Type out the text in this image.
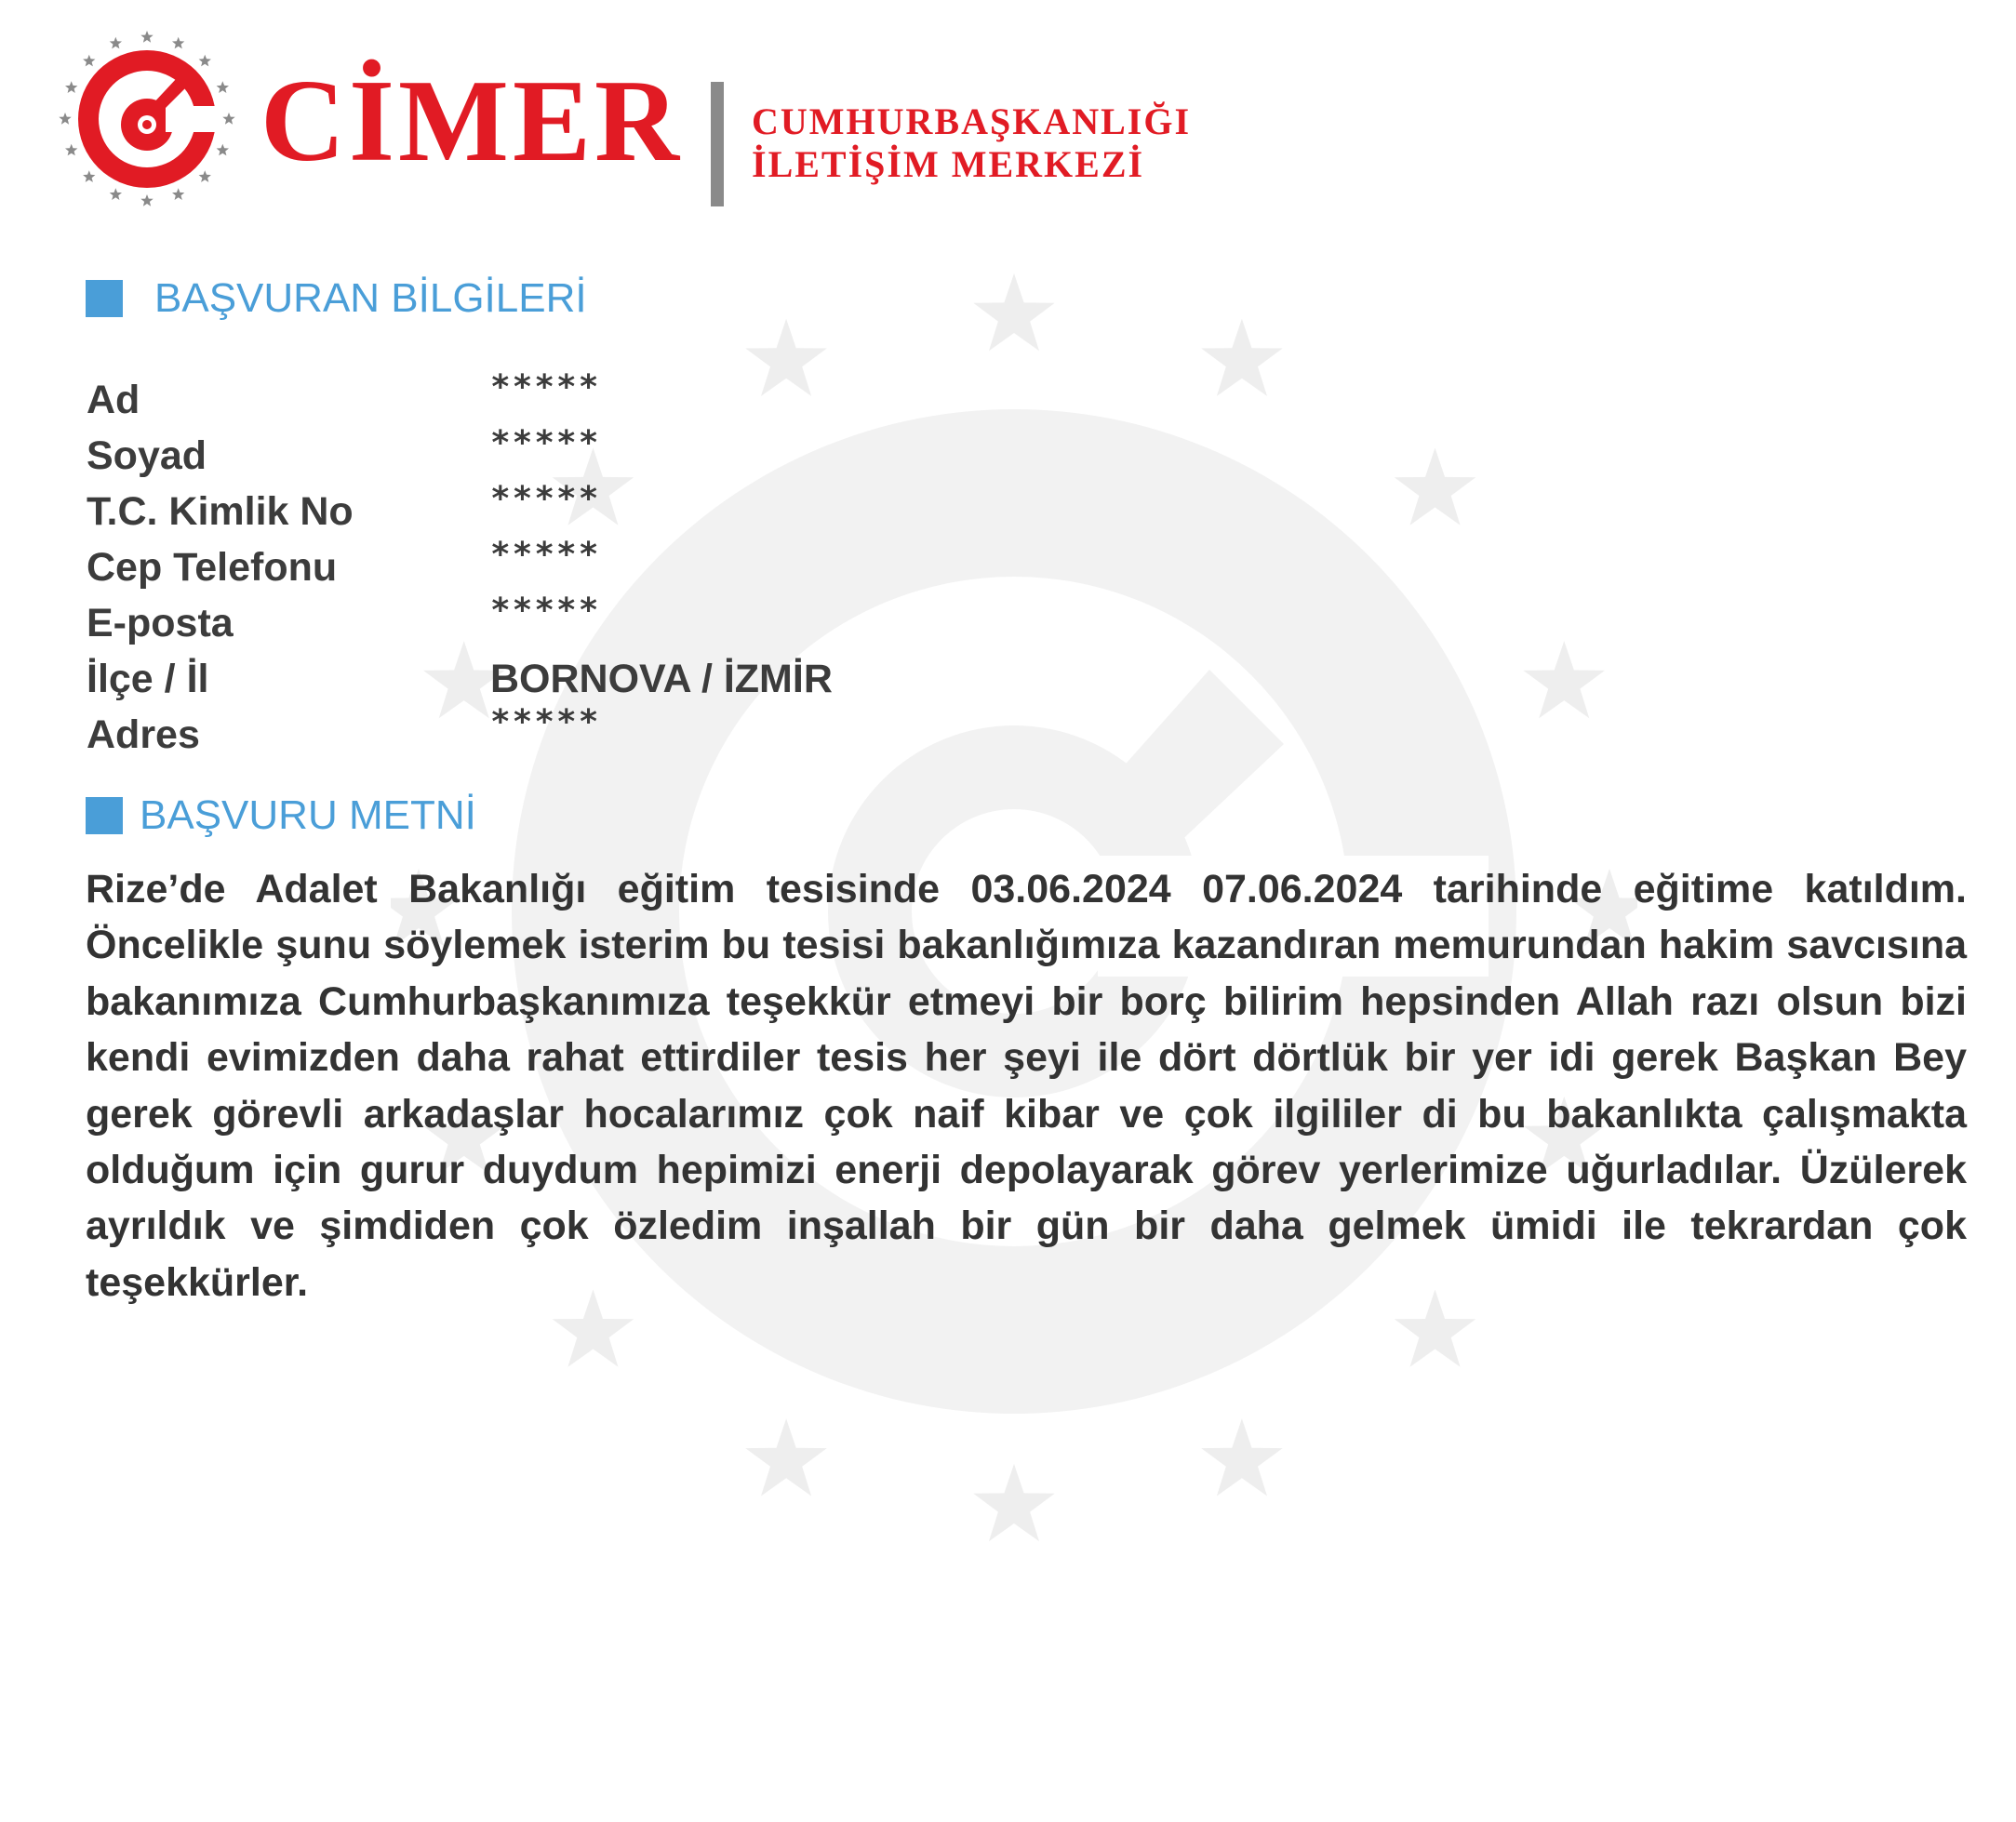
CİMER CUMHURBAŞKANLIĞI
İLETİŞİM MERKEZİ
BAŞVURAN BİLGİLERİ
Ad	*****
Soyad	*****
T.C. Kimlik No	*****
Cep Telefonu	*****
E-posta	*****
İlçe / İl	BORNOVA / İZMİR
Adres	*****
BAŞVURU METNİ
Rize’de Adalet Bakanlığı eğitim tesisinde 03.06.2024 07.06.2024 tarihinde eğitime katıldım. Öncelikle şunu söylemek isterim bu tesisi bakanlığımıza kazandıran memurundan hakim savcısına bakanımıza Cumhurbaşkanımıza teşekkür etmeyi bir borç bilirim hepsinden Allah razı olsun bizi kendi evimizden daha rahat ettirdiler tesis her şeyi ile dört dörtlük bir yer idi gerek Başkan Bey gerek görevli arkadaşlar hocalarımız çok naif kibar ve çok ilgililer di bu bakanlıkta çalışmakta olduğum için gurur duydum hepimizi enerji depolayarak görev yerlerimize uğurladılar. Üzülerek ayrıldık ve şimdiden çok özledim inşallah bir gün bir daha gelmek ümidi ile tekrardan çok teşekkürler.
